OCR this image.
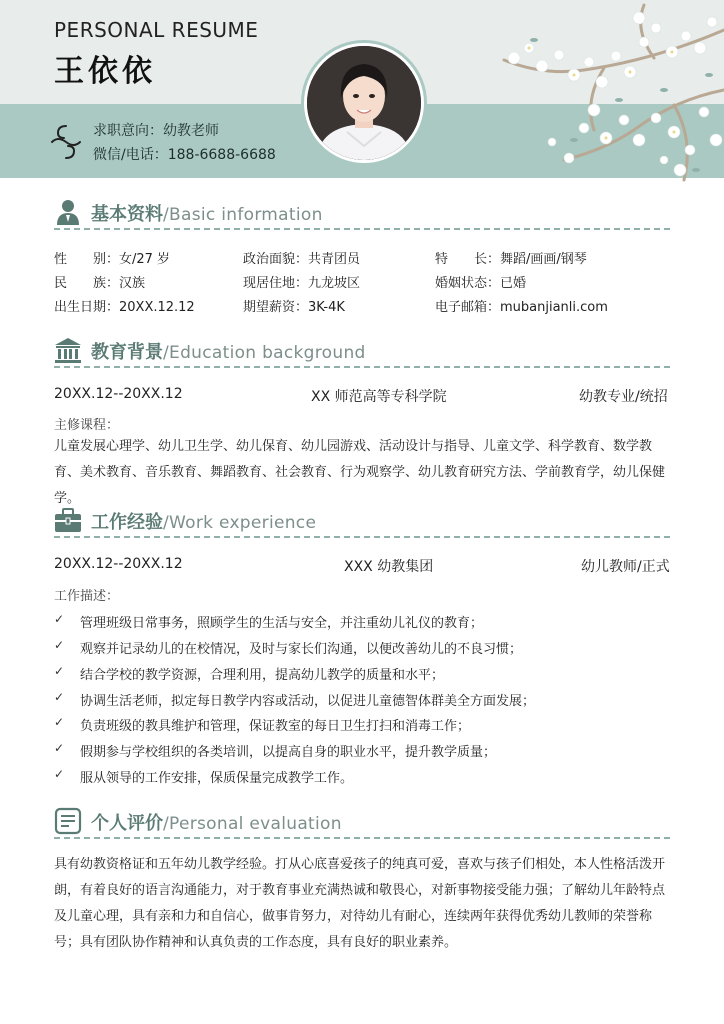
PERSONAL RESUME
王依依
求职意向：幼教老师
微信/电话：188-6688-6688
基本资料/Basic information
性　　别：女/27 岁	政治面貌：共青团员	特　　长：舞蹈/画画/钢琴
民　　族：汉族	现居住地：九龙坡区	婚姻状态：已婚
出生日期：20XX.12.12	期望薪资：3K-4K	电子邮箱：mubanjianli.com
教育背景/Education background
20XX.12--20XX.12	XX 师范高等专科学院	幼教专业/统招
主修课程：
儿童发展心理学、幼儿卫生学、幼儿保育、幼儿园游戏、活动设计与指导、儿童文学、科学教育、数学教育、美术教育、音乐教育、舞蹈教育、社会教育、行为观察学、幼儿教育研究方法、学前教育学，幼儿保健学。
工作经验/Work experience
20XX.12--20XX.12	XXX 幼教集团	幼儿教师/正式
工作描述：
✓ 管理班级日常事务，照顾学生的生活与安全，并注重幼儿礼仪的教育；
✓ 观察并记录幼儿的在校情况，及时与家长们沟通，以便改善幼儿的不良习惯；
✓ 结合学校的教学资源，合理利用，提高幼儿教学的质量和水平；
✓ 协调生活老师，拟定每日教学内容或活动，以促进儿童德智体群美全方面发展；
✓ 负责班级的教具维护和管理，保证教室的每日卫生打扫和消毒工作；
✓ 假期参与学校组织的各类培训，以提高自身的职业水平，提升教学质量；
✓ 服从领导的工作安排，保质保量完成教学工作。
个人评价/Personal evaluation
具有幼教资格证和五年幼儿教学经验。打从心底喜爱孩子的纯真可爱，喜欢与孩子们相处，本人性格活泼开朗，有着良好的语言沟通能力，对于教育事业充满热诚和敬畏心，对新事物接受能力强；了解幼儿年龄特点及儿童心理，具有亲和力和自信心，做事肯努力，对待幼儿有耐心，连续两年获得优秀幼儿教师的荣誉称号；具有团队协作精神和认真负责的工作态度，具有良好的职业素养。
